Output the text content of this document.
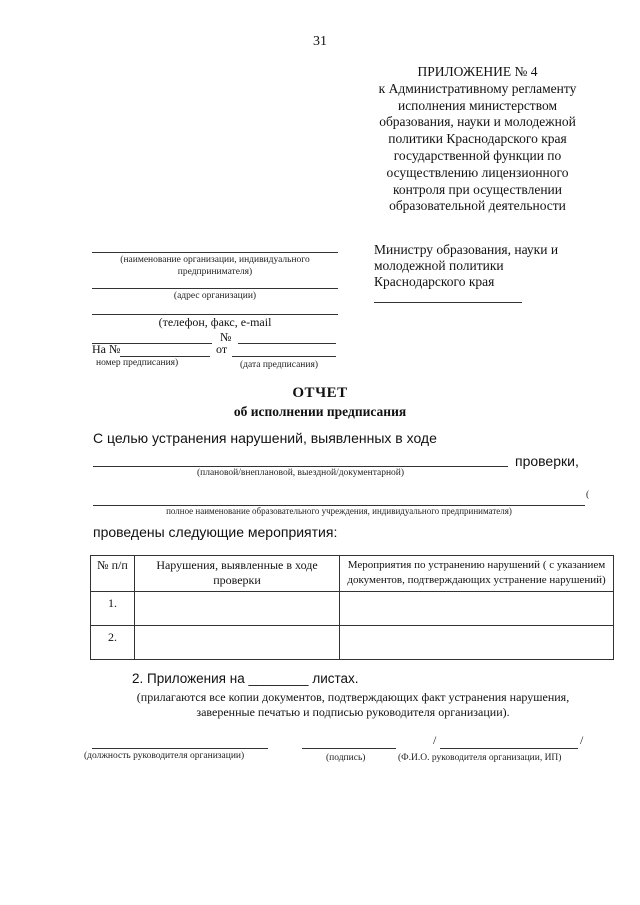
31
ПРИЛОЖЕНИЕ № 4
к Административному регламенту
исполнения министерством
образования, науки и молодежной
политики Краснодарского края
государственной функции по
осуществлению лицензионного
контроля при осуществлении
образовательной деятельности
Министру образования, науки и
молодежной политики
Краснодарского края
(наименование организации, индивидуального
предпринимателя)
(адрес организации)
(телефон, факс, e-mail
№
На №	от
номер предписания)	(дата предписания)
ОТЧЕТ
об исполнении предписания
С целью устранения нарушений, выявленных в ходе
проверки,
(плановой/внеплановой, выездной/документарной)
(
полное наименование образовательного учреждения, индивидуального предпринимателя)
проведены следующие мероприятия:
№ п/п	Нарушения, выявленные в ходе проверки	Мероприятия по устранению нарушений ( с указанием документов, подтверждающих устранение нарушений)
1.		
2.		
2. Приложения на ________ листах.
(прилагаются все копии документов, подтверждающих факт устранения нарушения,
заверенные печатью и подписью руководителя организации).
(должность руководителя организации)	(подпись)
/	/
(Ф.И.О. руководителя организации, ИП)
